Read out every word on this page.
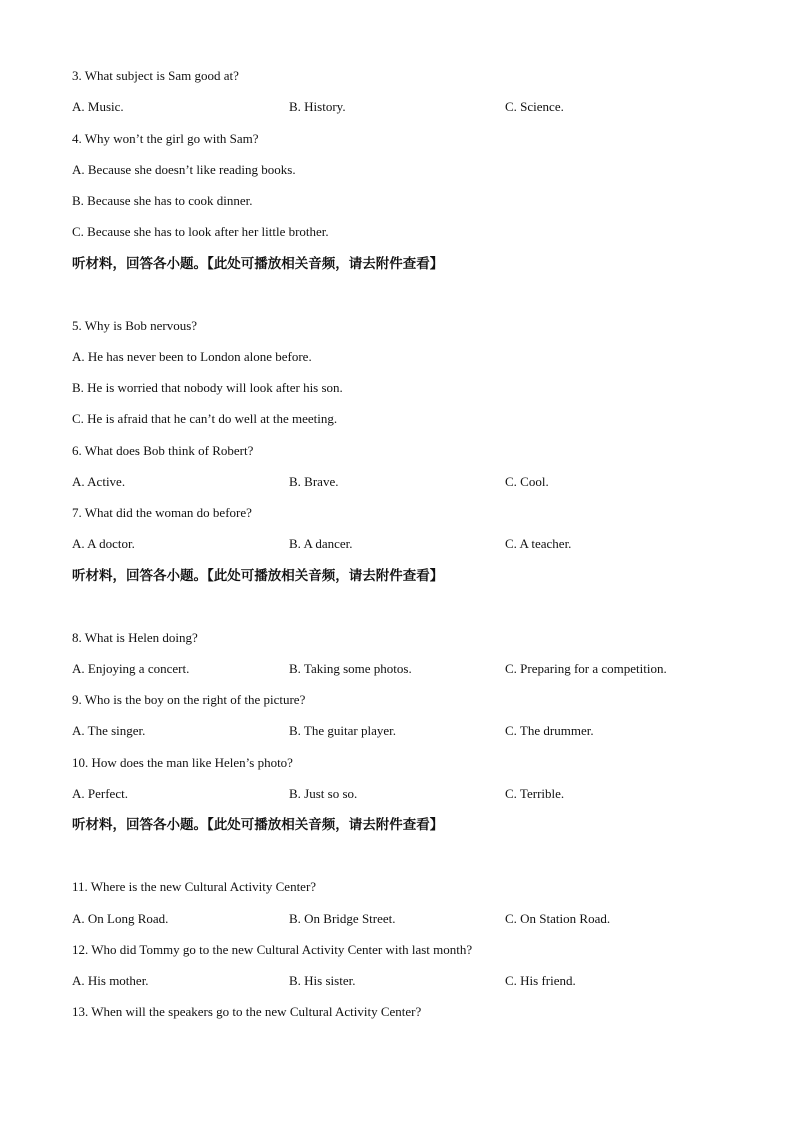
3. What subject is Sam good at?
A. Music.	B. History.	C. Science.
4. Why won’t the girl go with Sam?
A. Because she doesn’t like reading books.
B. Because she has to cook dinner.
C. Because she has to look after her little brother.
听材料，回答各小题。【此处可播放相关音频，请去附件查看】
5. Why is Bob nervous?
A. He has never been to London alone before.
B. He is worried that nobody will look after his son.
C. He is afraid that he can’t do well at the meeting.
6. What does Bob think of Robert?
A. Active.	B. Brave.	C. Cool.
7. What did the woman do before?
A. A doctor.	B. A dancer.	C. A teacher.
听材料，回答各小题。【此处可播放相关音频，请去附件查看】
8. What is Helen doing?
A. Enjoying a concert.	B. Taking some photos.	C. Preparing for a competition.
9. Who is the boy on the right of the picture?
A. The singer.	B. The guitar player.	C. The drummer.
10. How does the man like Helen’s photo?
A. Perfect.	B. Just so so.	C. Terrible.
听材料，回答各小题。【此处可播放相关音频，请去附件查看】
11. Where is the new Cultural Activity Center?
A. On Long Road.	B. On Bridge Street.	C. On Station Road.
12. Who did Tommy go to the new Cultural Activity Center with last month?
A. His mother.	B. His sister.	C. His friend.
13. When will the speakers go to the new Cultural Activity Center?
